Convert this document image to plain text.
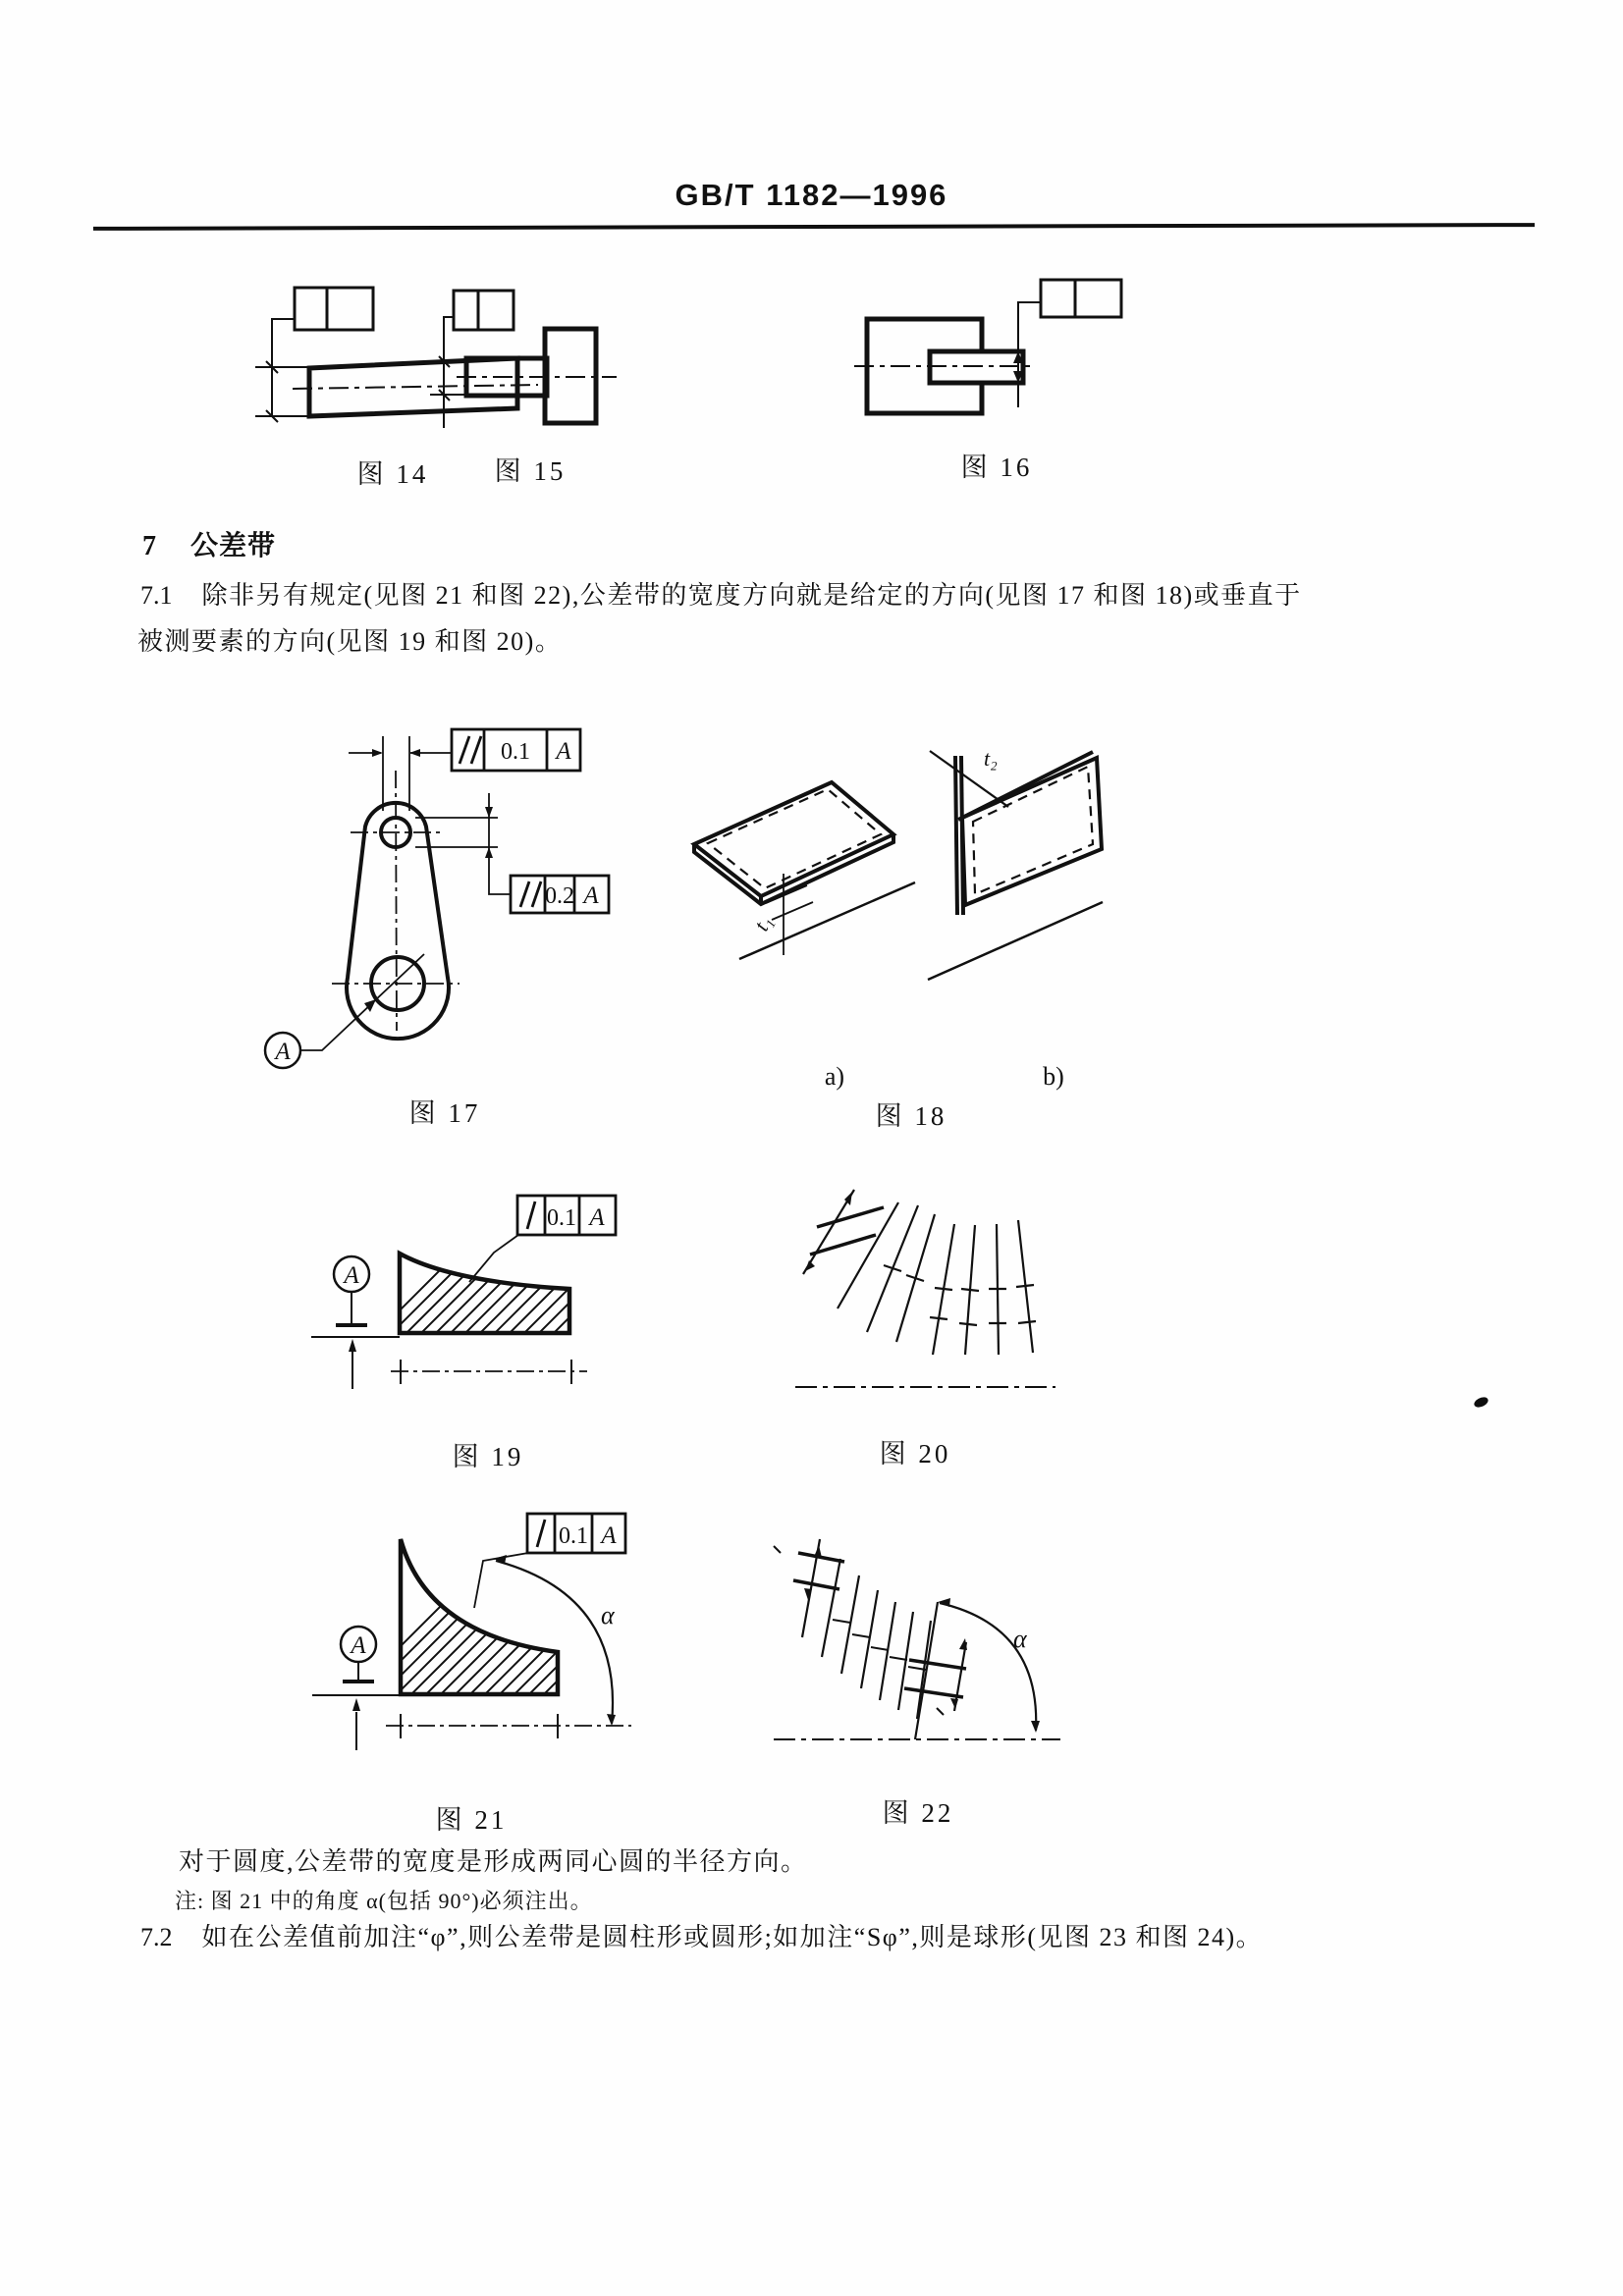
GB/T 1182—1996
图 14	图 15	图 16
7 公差带
7.1 除非另有规定(见图 21 和图 22),公差带的宽度方向就是给定的方向(见图 17 和图 18)或垂直于
被测要素的方向(见图 19 和图 20)。
0.1 A
0.2 A
A
图 17
t₁
t₂
a)	b)
图 18
0.1 A
A
图 19	图 20
0.1 A
α
A
图 21
α
图 22
对于圆度,公差带的宽度是形成两同心圆的半径方向。
注: 图 21 中的角度 α(包括 90°)必须注出。
7.2 如在公差值前加注“φ”,则公差带是圆柱形或圆形;如加注“Sφ”,则是球形(见图 23 和图 24)。
